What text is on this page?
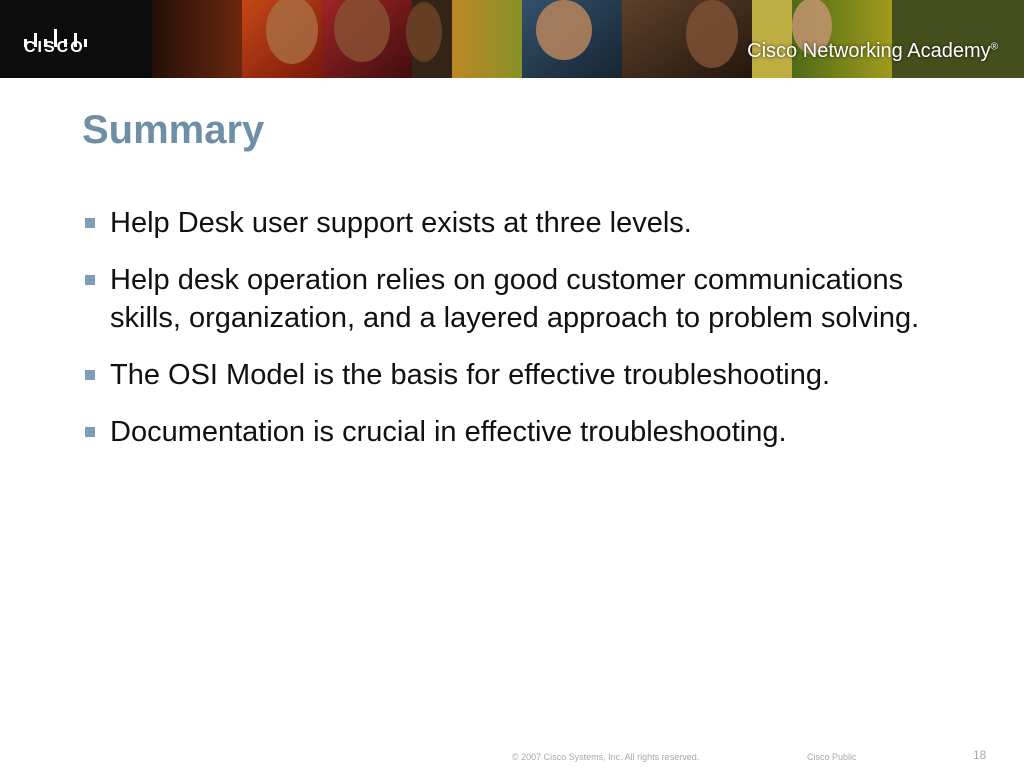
CISCO	Cisco Networking Academy®
Summary
Help Desk user support exists at three levels.
Help desk operation relies on good customer communications skills, organization, and a layered approach to problem solving.
The OSI Model is the basis for effective troubleshooting.
Documentation is crucial in effective troubleshooting.
© 2007 Cisco Systems, Inc. All rights reserved.	Cisco Public	18
